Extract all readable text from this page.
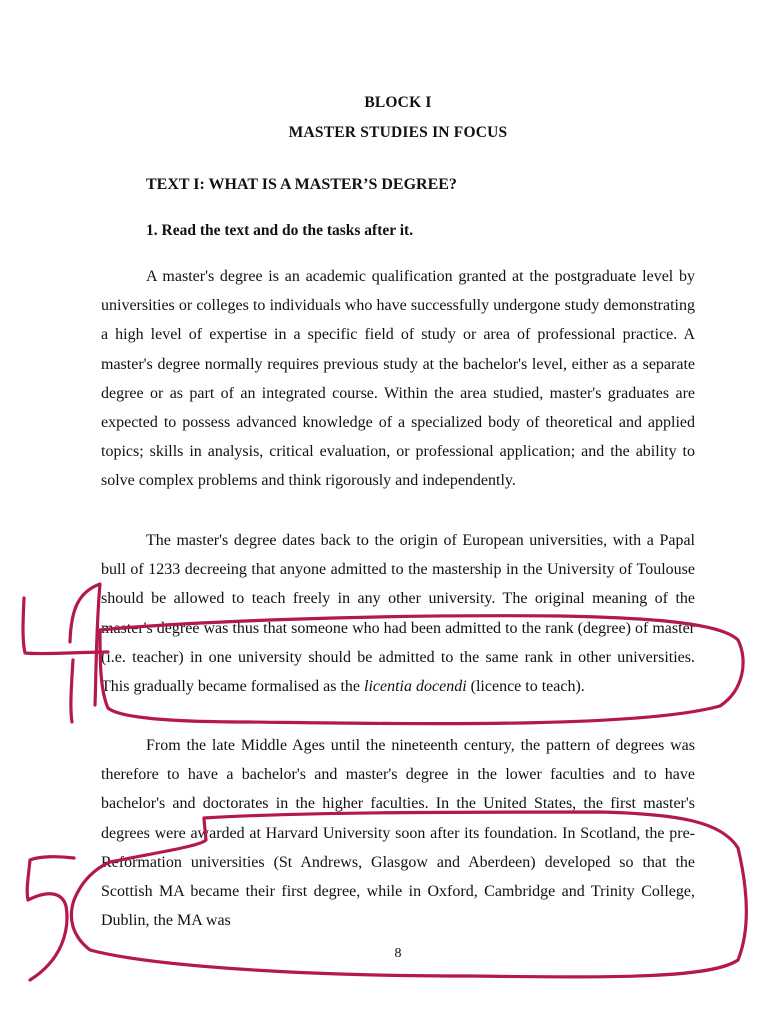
BLOCK I
MASTER STUDIES IN FOCUS
TEXT I: WHAT IS A MASTER’S DEGREE?
1. Read the text and do the tasks after it.

A master's degree is an academic qualification granted at the postgraduate level by universities or colleges to individuals who have successfully undergone study demonstrating a high level of expertise in a specific field of study or area of professional practice. A master's degree normally requires previous study at the bachelor's level, either as a separate degree or as part of an integrated course. Within the area studied, master's graduates are expected to possess advanced knowledge of a specialized body of theoretical and applied topics; skills in analysis, critical evaluation, or professional application; and the ability to solve complex problems and think rigorously and independently.

The master's degree dates back to the origin of European universities, with a Papal bull of 1233 decreeing that anyone admitted to the mastership in the University of Toulouse should be allowed to teach freely in any other university. The original meaning of the master's degree was thus that someone who had been admitted to the rank (degree) of master (i.e. teacher) in one university should be admitted to the same rank in other universities. This gradually became formalised as the licentia docendi (licence to teach).

From the late Middle Ages until the nineteenth century, the pattern of degrees was therefore to have a bachelor's and master's degree in the lower faculties and to have bachelor's and doctorates in the higher faculties. In the United States, the first master's degrees were awarded at Harvard University soon after its foundation. In Scotland, the pre-Reformation universities (St Andrews, Glasgow and Aberdeen) developed so that the Scottish MA became their first degree, while in Oxford, Cambridge and Trinity College, Dublin, the MA was

8
